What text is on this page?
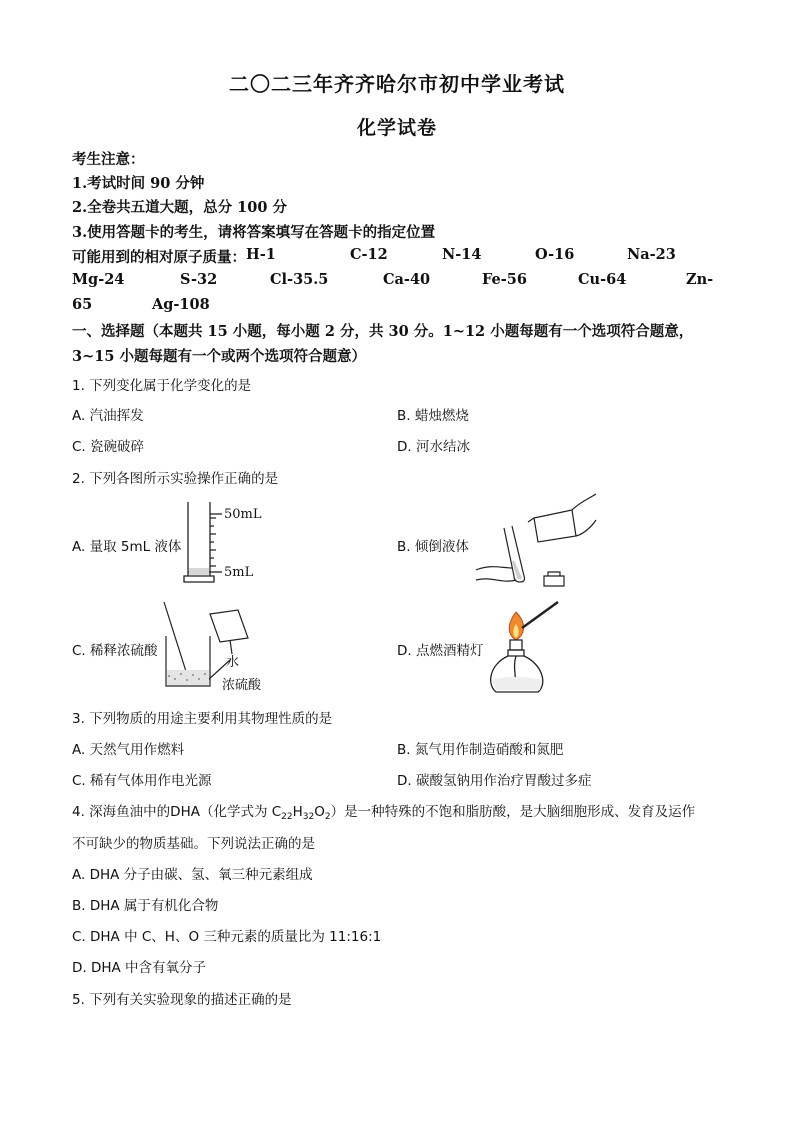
二〇二三年齐齐哈尔市初中学业考试
化学试卷
考生注意：
1.考试时间 90 分钟
2.全卷共五道大题，总分 100 分
3.使用答题卡的考生，请将答案填写在答题卡的指定位置
可能用到的相对原子质量： H-1	C-12	N-14	O-16	Na-23
Mg-24	S-32	Cl-35.5	Ca-40	Fe-56	Cu-64	Zn-
65	Ag-108
一、选择题（本题共 15 小题，每小题 2 分，共 30 分。1~12 小题每题有一个选项符合题意，
3~15 小题每题有一个或两个选项符合题意）
1. 下列变化属于化学变化的是
A. 汽油挥发	B. 蜡烛燃烧
C. 瓷碗破碎	D. 河水结冰
2. 下列各图所示实验操作正确的是
A. 量取 5mL 液体	B. 倾倒液体
C. 稀释浓硫酸	D. 点燃酒精灯
50mL
5mL
水
浓硫酸
3. 下列物质的用途主要利用其物理性质的是
A. 天然气用作燃料	B. 氮气用作制造硝酸和氮肥
C. 稀有气体用作电光源	D. 碳酸氢钠用作治疗胃酸过多症
4. 深海鱼油中的DHA（化学式为 $C_{22}H_{32}O_2$）是一种特殊的不饱和脂肪酸，是大脑细胞形成、发育及运作
不可缺少的物质基础。下列说法正确的是
A. DHA 分子由碳、氢、氧三种元素组成
B. DHA 属于有机化合物
C. DHA 中 C、H、O 三种元素的质量比为 11:16:1
D. DHA 中含有氧分子
5. 下列有关实验现象的描述正确的是
